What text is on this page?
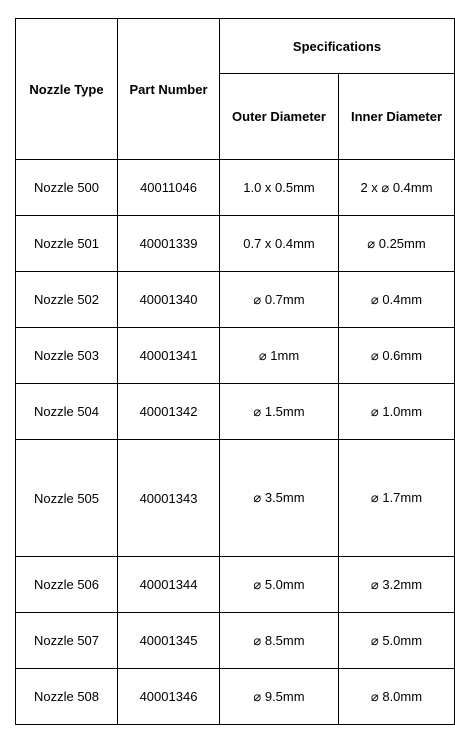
Nozzle Type	Part Number	Specifications	
		Outer Diameter	Inner Diameter
Nozzle 500	40011046	1.0 x 0.5mm	2 x ⌀ 0.4mm
Nozzle 501	40001339	0.7 x 0.4mm	⌀ 0.25mm
Nozzle 502	40001340	⌀ 0.7mm	⌀ 0.4mm
Nozzle 503	40001341	⌀ 1mm	⌀ 0.6mm
Nozzle 504	40001342	⌀ 1.5mm	⌀ 1.0mm
Nozzle 505	40001343	⌀ 3.5mm	⌀ 1.7mm
Nozzle 506	40001344	⌀ 5.0mm	⌀ 3.2mm
Nozzle 507	40001345	⌀ 8.5mm	⌀ 5.0mm
Nozzle 508	40001346	⌀ 9.5mm	⌀ 8.0mm
